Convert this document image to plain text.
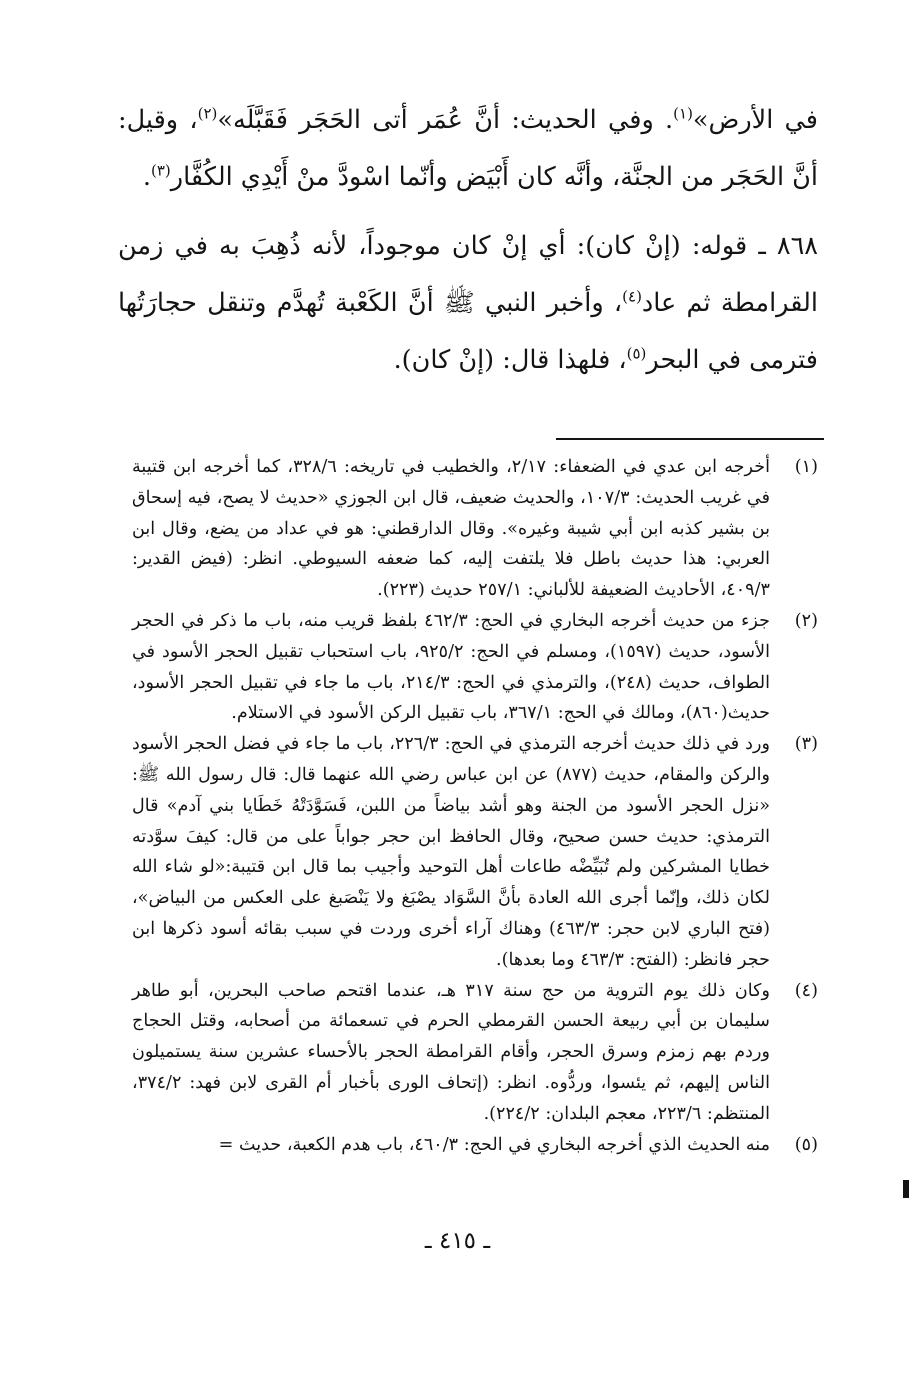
في الأرض»$^{(١)}$. وفي الحديث: أنَّ عُمَر أتى الحَجَر فَقَبَّلَه»$^{(٢)}$، وقيل: أنَّ الحَجَر من الجنَّة، وأنَّه كان أَبْيَض وأنّما اسْودَّ منْ أَيْدِي الكُفَّار$^{(٣)}$.

٨٦٨ ـ قوله: (إنْ كان): أي إنْ كان موجوداً، لأنه ذُهِبَ به في زمن القرامطة ثم عاد$^{(٤)}$، وأخبر النبي ﷺ أنَّ الكَعْبة تُهدَّم وتنقل حجارَتُها فترمى في البحر$^{(٥)}$، فلهذا قال: (إنْ كان).

(١)
أخرجه ابن عدي في الضعفاء: ٢/١٧، والخطيب في تاريخه: ٣٢٨/٦، كما أخرجه ابن قتيبة في غريب الحديث: ١٠٧/٣، والحديث ضعيف، قال ابن الجوزي «حديث لا يصح، فيه إسحاق بن بشير كذبه ابن أبي شيبة وغيره». وقال الدارقطني: هو في عداد من يضع، وقال ابن العربي: هذا حديث باطل فلا يلتفت إليه، كما ضعفه السيوطي. انظر: (فيض القدير: ٤٠٩/٣، الأحاديث الضعيفة للألباني: ٢٥٧/١ حديث (٢٢٣).
(٢)
جزء من حديث أخرجه البخاري في الحج: ٤٦٢/٣ بلفظ قريب منه، باب ما ذكر في الحجر الأسود، حديث (١٥٩٧)، ومسلم في الحج: ٩٢٥/٢، باب استحباب تقبيل الحجر الأسود في الطواف، حديث (٢٤٨)، والترمذي في الحج: ٢١٤/٣، باب ما جاء في تقبيل الحجر الأسود، حديث(٨٦٠)، ومالك في الحج: ٣٦٧/١، باب تقبيل الركن الأسود في الاستلام.
(٣)
ورد في ذلك حديث أخرجه الترمذي في الحج: ٢٢٦/٣، باب ما جاء في فضل الحجر الأسود والركن والمقام، حديث (٨٧٧) عن ابن عباس رضي الله عنهما قال: قال رسول الله ﷺ: «نزل الحجر الأسود من الجنة وهو أشد بياضاً من اللبن، فَسَوَّدَتْهُ خَطَايا بني آدم» قال الترمذي: حديث حسن صحيح، وقال الحافظ ابن حجر جواباً على من قال: كيفَ سوَّدته خطايا المشركين ولم تُبَيِّضْه طاعات أهل التوحيد وأجيب بما قال ابن قتيبة:«لو شاء الله لكان ذلك، وإنّما أجرى الله العادة بأنَّ السَّوَاد يصْبَغ ولا يَنْصَبغ على العكس من البياض»، (فتح الباري لابن حجر: ٤٦٣/٣) وهناك آراء أخرى وردت في سبب بقائه أسود ذكرها ابن حجر فانظر: (الفتح: ٤٦٣/٣ وما بعدها).
(٤)
وكان ذلك يوم التروية من حج سنة ٣١٧ هـ، عندما اقتحم صاحب البحرين، أبو طاهر سليمان بن أبي ربيعة الحسن القرمطي الحرم في تسعمائة من أصحابه، وقتل الحجاج وردم بهم زمزم وسرق الحجر، وأقام القرامطة الحجر بالأحساء عشرين سنة يستميلون الناس إليهم، ثم يئسوا، وردُّوه. انظر: (إتحاف الورى بأخبار أم القرى لابن فهد: ٣٧٤/٢، المنتظم: ٢٢٣/٦، معجم البلدان: ٢٢٤/٢).
(٥)
منه الحديث الذي أخرجه البخاري في الحج: ٤٦٠/٣، باب هدم الكعبة، حديث =
ـ ٤١٥ ـ
